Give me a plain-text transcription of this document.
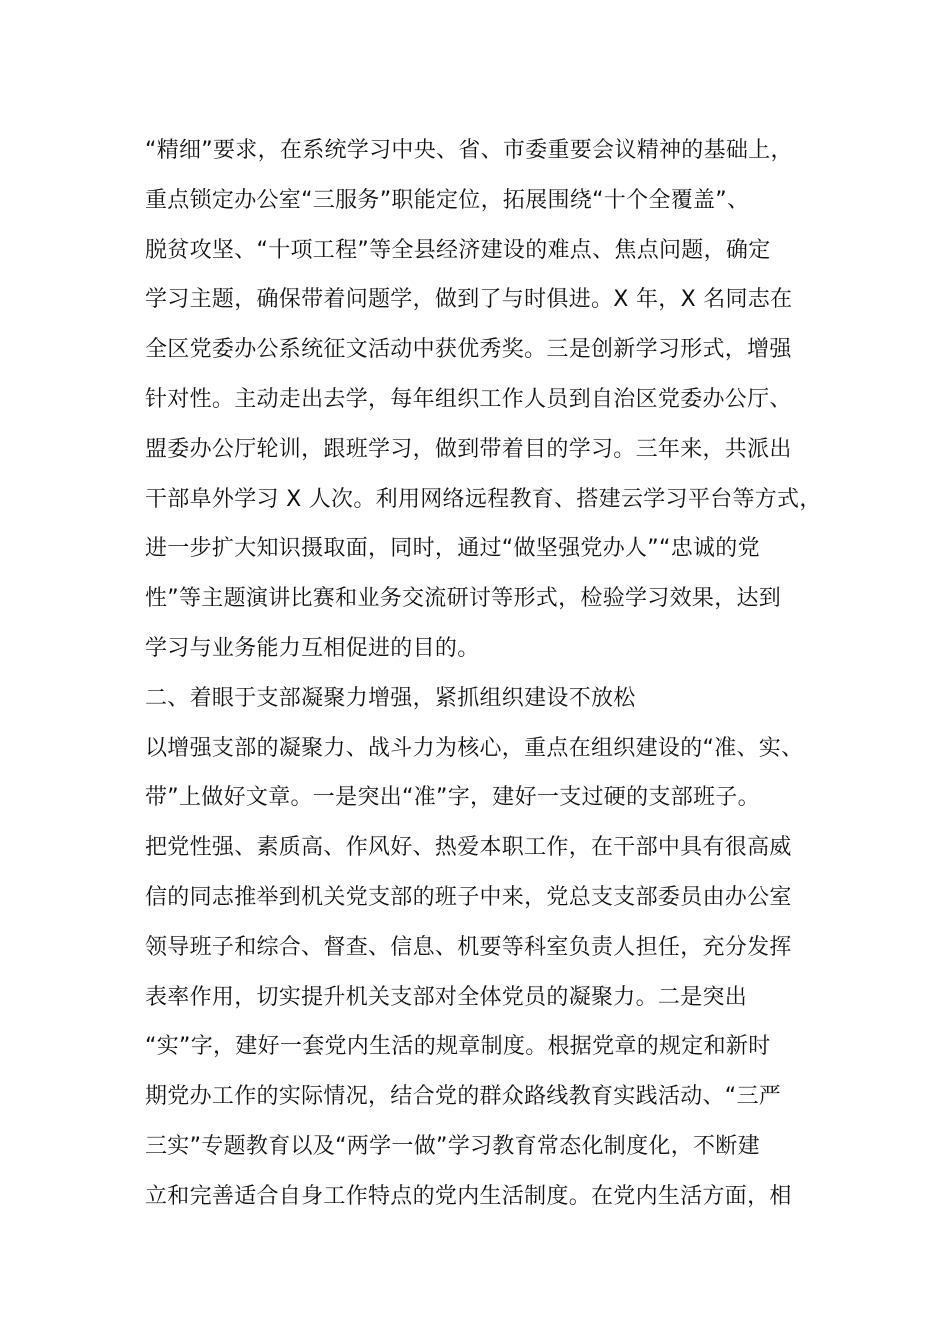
“精细”要求，在系统学习中央、省、市委重要会议精神的基础上，
重点锁定办公室“三服务”职能定位，拓展围绕“十个全覆盖”、
脱贫攻坚、“十项工程”等全县经济建设的难点、焦点问题，确定
学习主题，确保带着问题学，做到了与时俱进。X 年，X 名同志在
全区党委办公系统征文活动中获优秀奖。三是创新学习形式，增强
针对性。主动走出去学，每年组织工作人员到自治区党委办公厅、
盟委办公厅轮训，跟班学习，做到带着目的学习。三年来，共派出
干部阜外学习 X 人次。利用网络远程教育、搭建云学习平台等方式，
进一步扩大知识摄取面，同时，通过“做坚强党办人”“忠诚的党
性”等主题演讲比赛和业务交流研讨等形式，检验学习效果，达到
学习与业务能力互相促进的目的。
二、着眼于支部凝聚力增强，紧抓组织建设不放松
以增强支部的凝聚力、战斗力为核心，重点在组织建设的“准、实、
带”上做好文章。一是突出“准”字，建好一支过硬的支部班子。
把党性强、素质高、作风好、热爱本职工作，在干部中具有很高威
信的同志推举到机关党支部的班子中来，党总支支部委员由办公室
领导班子和综合、督查、信息、机要等科室负责人担任，充分发挥
表率作用，切实提升机关支部对全体党员的凝聚力。二是突出
“实”字，建好一套党内生活的规章制度。根据党章的规定和新时
期党办工作的实际情况，结合党的群众路线教育实践活动、“三严
三实”专题教育以及“两学一做”学习教育常态化制度化，不断建
立和完善适合自身工作特点的党内生活制度。在党内生活方面，相
